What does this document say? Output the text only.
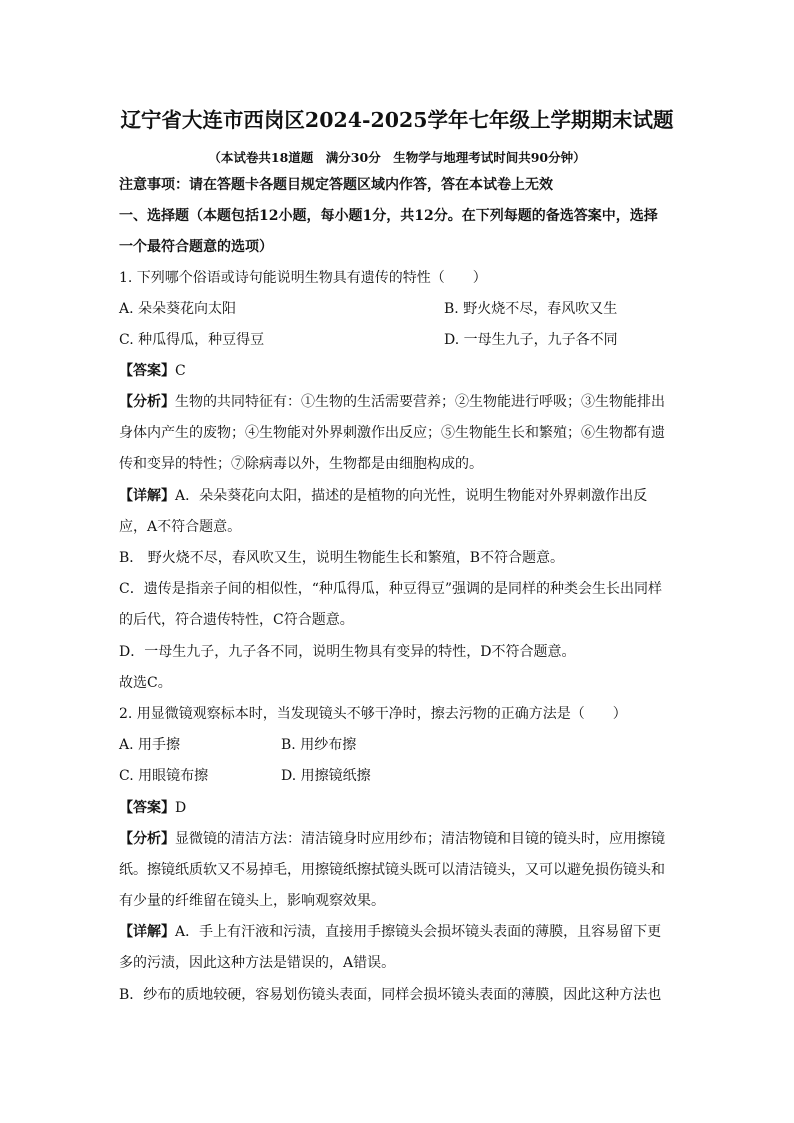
辽宁省大连市西岗区2024-2025学年七年级上学期期末试题
（本试卷共18道题　满分30分　生物学与地理考试时间共90分钟）
注意事项：请在答题卡各题目规定答题区域内作答，答在本试卷上无效
一、选择题（本题包括12小题，每小题1分，共12分。在下列每题的备选答案中，选择
一个最符合题意的选项）
1. 下列哪个俗语或诗句能说明生物具有遗传的特性（　　）
A. 朵朵葵花向太阳	B. 野火烧不尽，春风吹又生
C. 种瓜得瓜，种豆得豆	D. 一母生九子，九子各不同
【答案】C
【分析】生物的共同特征有：①生物的生活需要营养；②生物能进行呼吸；③生物能排出
身体内产生的废物；④生物能对外界刺激作出反应；⑤生物能生长和繁殖；⑥生物都有遗
传和变异的特性；⑦除病毒以外，生物都是由细胞构成的。
【详解】A．朵朵葵花向太阳，描述的是植物的向光性，说明生物能对外界刺激作出反
应，A不符合题意。
B． 野火烧不尽，春风吹又生，说明生物能生长和繁殖，B不符合题意。
C．遗传是指亲子间的相似性，“种瓜得瓜，种豆得豆”强调的是同样的种类会生长出同样
的后代，符合遗传特性，C符合题意。
D．一母生九子，九子各不同，说明生物具有变异的特性，D不符合题意。
故选C。
2. 用显微镜观察标本时，当发现镜头不够干净时，擦去污物的正确方法是（　　）
A. 用手擦	B. 用纱布擦
C. 用眼镜布擦	D. 用擦镜纸擦
【答案】D
【分析】显微镜的清洁方法：清洁镜身时应用纱布；清洁物镜和目镜的镜头时，应用擦镜
纸。擦镜纸质软又不易掉毛，用擦镜纸擦拭镜头既可以清洁镜头，又可以避免损伤镜头和
有少量的纤维留在镜头上，影响观察效果。
【详解】A．手上有汗液和污渍，直接用手擦镜头会损坏镜头表面的薄膜，且容易留下更
多的污渍，因此这种方法是错误的，A错误。
B．纱布的质地较硬，容易划伤镜头表面，同样会损坏镜头表面的薄膜，因此这种方法也
